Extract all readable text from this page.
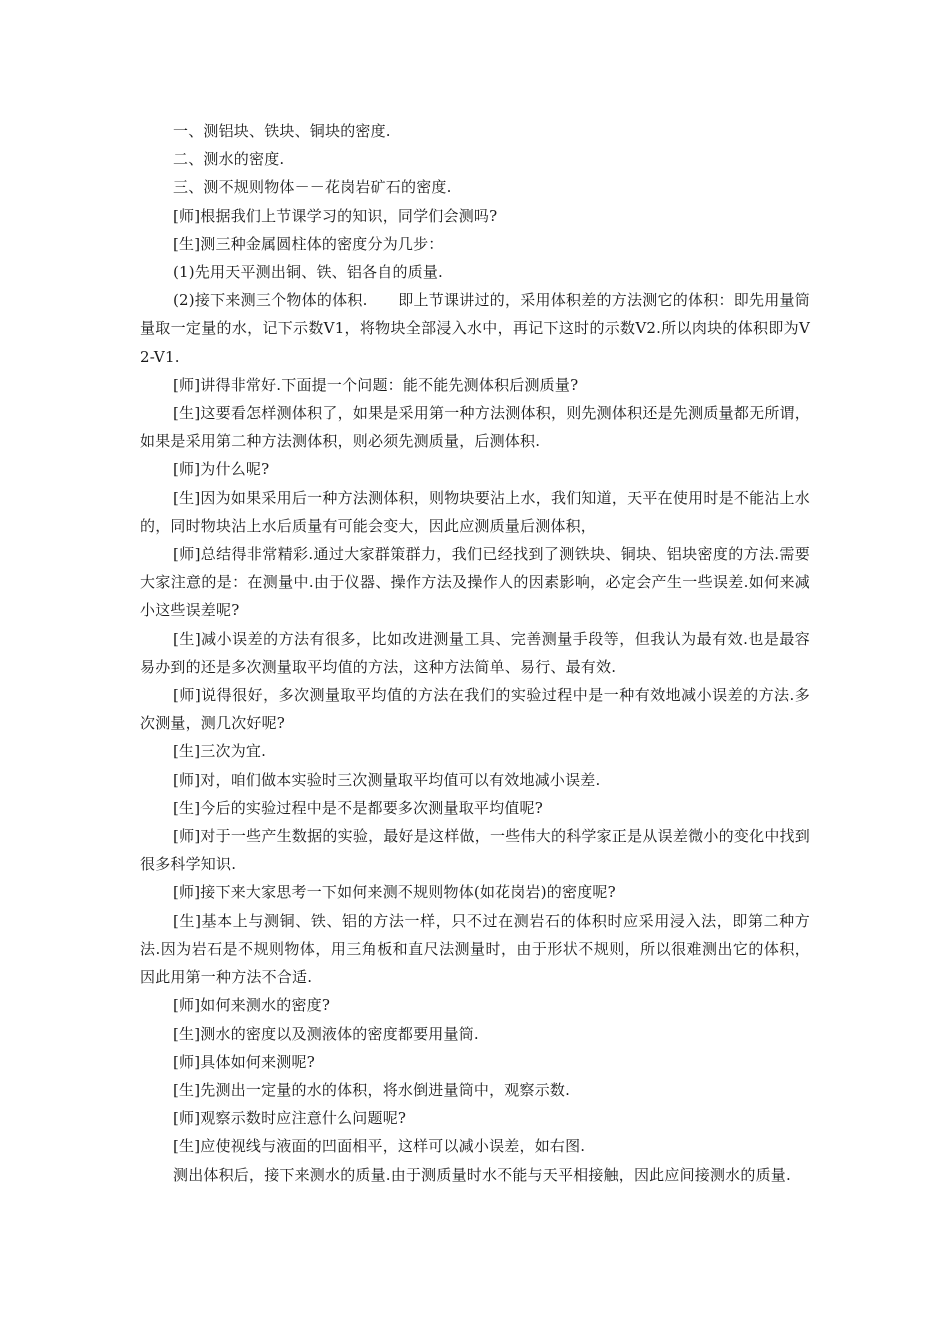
一、测铝块、铁块、铜块的密度.

二、测水的密度.

三、测不规则物体－－花岗岩矿石的密度.

[师]根据我们上节课学习的知识，同学们会测吗?

[生]测三种金属圆柱体的密度分为几步：

(1)先用天平测出铜、铁、铝各自的质量.

(2)接下来测三个物体的体积.　　即上节课讲过的，采用体积差的方法测它的体积：即先用量筒量取一定量的水，记下示数V1，将物块全部浸入水中，再记下这时的示数V2.所以肉块的体积即为V2-V1.

[师]讲得非常好.下面提一个问题：能不能先测体积后测质量?

[生]这要看怎样测体积了，如果是采用第一种方法测体积，则先测体积还是先测质量都无所谓，如果是采用第二种方法测体积，则必须先测质量，后测体积.

[师]为什么呢?

[生]因为如果采用后一种方法测体积，则物块要沾上水，我们知道，天平在使用时是不能沾上水的，同时物块沾上水后质量有可能会变大，因此应测质量后测体积，

[师]总结得非常精彩.通过大家群策群力，我们已经找到了测铁块、铜块、铝块密度的方法.需要大家注意的是：在测量中.由于仪器、操作方法及操作人的因素影响，必定会产生一些误差.如何来减小这些误差呢?

[生]减小误差的方法有很多，比如改进测量工具、完善测量手段等，但我认为最有效.也是最容易办到的还是多次测量取平均值的方法，这种方法简单、易行、最有效.

[师]说得很好，多次测量取平均值的方法在我们的实验过程中是一种有效地减小误差的方法.多次测量，测几次好呢?

[生]三次为宜.

[师]对，咱们做本实验时三次测量取平均值可以有效地减小误差.

[生]今后的实验过程中是不是都要多次测量取平均值呢?

[师]对于一些产生数据的实验，最好是这样做，一些伟大的科学家正是从误差微小的变化中找到很多科学知识.

[师]接下来大家思考一下如何来测不规则物体(如花岗岩)的密度呢?

[生]基本上与测铜、铁、铝的方法一样，只不过在测岩石的体积时应采用浸入法，即第二种方法.因为岩石是不规则物体，用三角板和直尺法测量时，由于形状不规则，所以很难测出它的体积，因此用第一种方法不合适.

[师]如何来测水的密度?

[生]测水的密度以及测液体的密度都要用量筒.

[师]具体如何来测呢?

[生]先测出一定量的水的体积，将水倒进量筒中，观察示数.

[师]观察示数时应注意什么问题呢?

[生]应使视线与液面的凹面相平，这样可以减小误差，如右图.

测出体积后，接下来测水的质量.由于测质量时水不能与天平相接触，因此应间接测水的质量.
